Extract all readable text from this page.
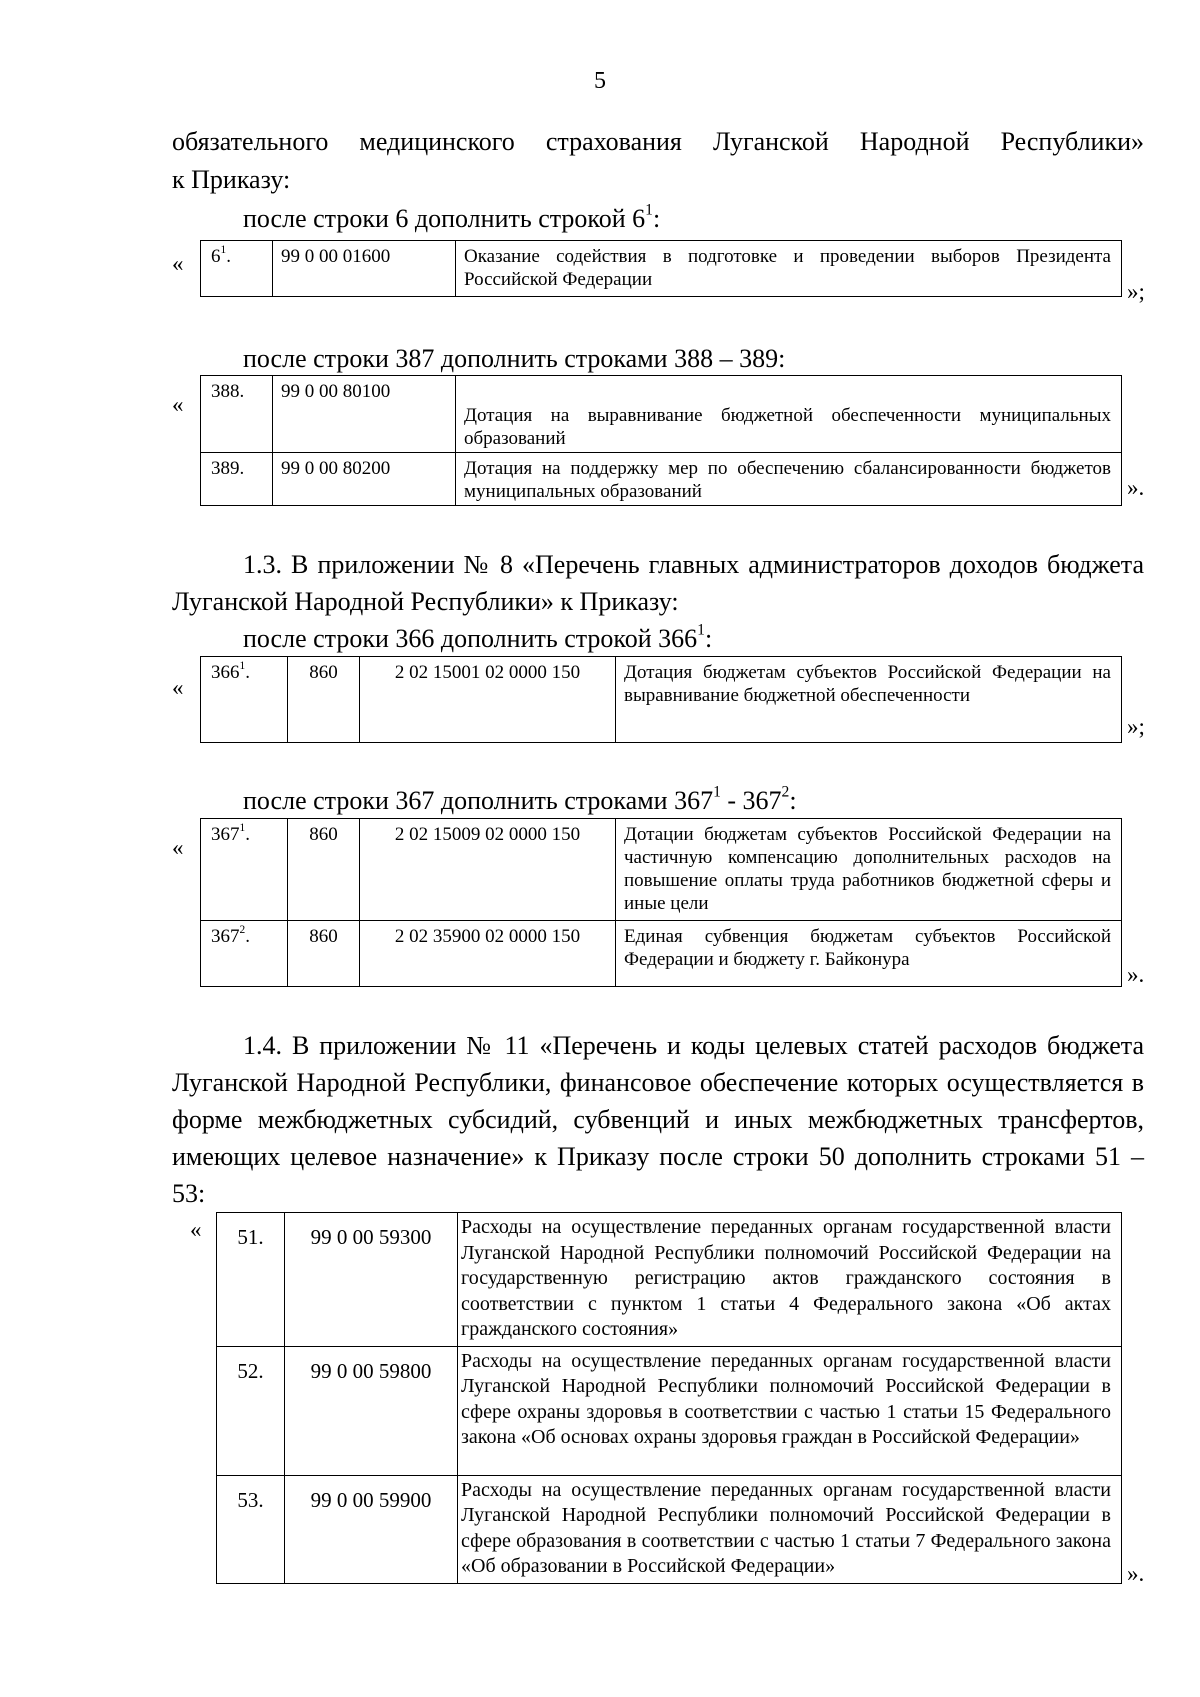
5
обязательного медицинского страхования Луганской Народной Республики»
к Приказу:
после строки 6 дополнить строкой $6^1$:
« $6^1$.	99 0 00 01600	Оказание содействия в подготовке и проведении выборов Президента Российской Федерации	»;
после строки 387 дополнить строками 388 – 389:
«
388.	99 0 00 80100	Дотация на выравнивание бюджетной обеспеченности муниципальных образований
389.	99 0 00 80200	Дотация на поддержку мер по обеспечению сбалансированности бюджетов муниципальных образований	».
1.3. В приложении № 8 «Перечень главных администраторов доходов бюджета Луганской Народной Республики» к Приказу:
после строки 366 дополнить строкой $366^1$:
«
$366^1$.	860	2 02 15001 02 0000 150	Дотация бюджетам субъектов Российской Федерации на выравнивание бюджетной обеспеченности
»;
после строки 367 дополнить строками $367^1 - 367^2$:
«
$367^1$.	860	2 02 15009 02 0000 150	Дотации бюджетам субъектов Российской Федерации на частичную компенсацию дополнительных расходов на повышение оплаты труда работников бюджетной сферы и иные цели
$367^2$.	860	2 02 35900 02 0000 150	Единая субвенция бюджетам субъектов Российской Федерации и бюджету г. Байконура
».
1.4. В приложении № 11 «Перечень и коды целевых статей расходов бюджета Луганской Народной Республики, финансовое обеспечение которых осуществляется в форме межбюджетных субсидий, субвенций и иных межбюджетных трансфертов, имеющих целевое назначение» к Приказу после строки 50 дополнить строками 51 – 53:
« 51.	99 0 00 59300	Расходы на осуществление переданных органам государственной власти Луганской Народной Республики полномочий Российской Федерации на государственную регистрацию актов гражданского состояния в соответствии с пунктом 1 статьи 4 Федерального закона «Об актах гражданского состояния»
52.	99 0 00 59800	Расходы на осуществление переданных органам государственной власти Луганской Народной Республики полномочий Российской Федерации в сфере охраны здоровья в соответствии с частью 1 статьи 15 Федерального закона «Об основах охраны здоровья граждан в Российской Федерации»
53.	99 0 00 59900	Расходы на осуществление переданных органам государственной власти Луганской Народной Республики полномочий Российской Федерации в сфере образования в соответствии с частью 1 статьи 7 Федерального закона «Об образовании в Российской Федерации»	».
